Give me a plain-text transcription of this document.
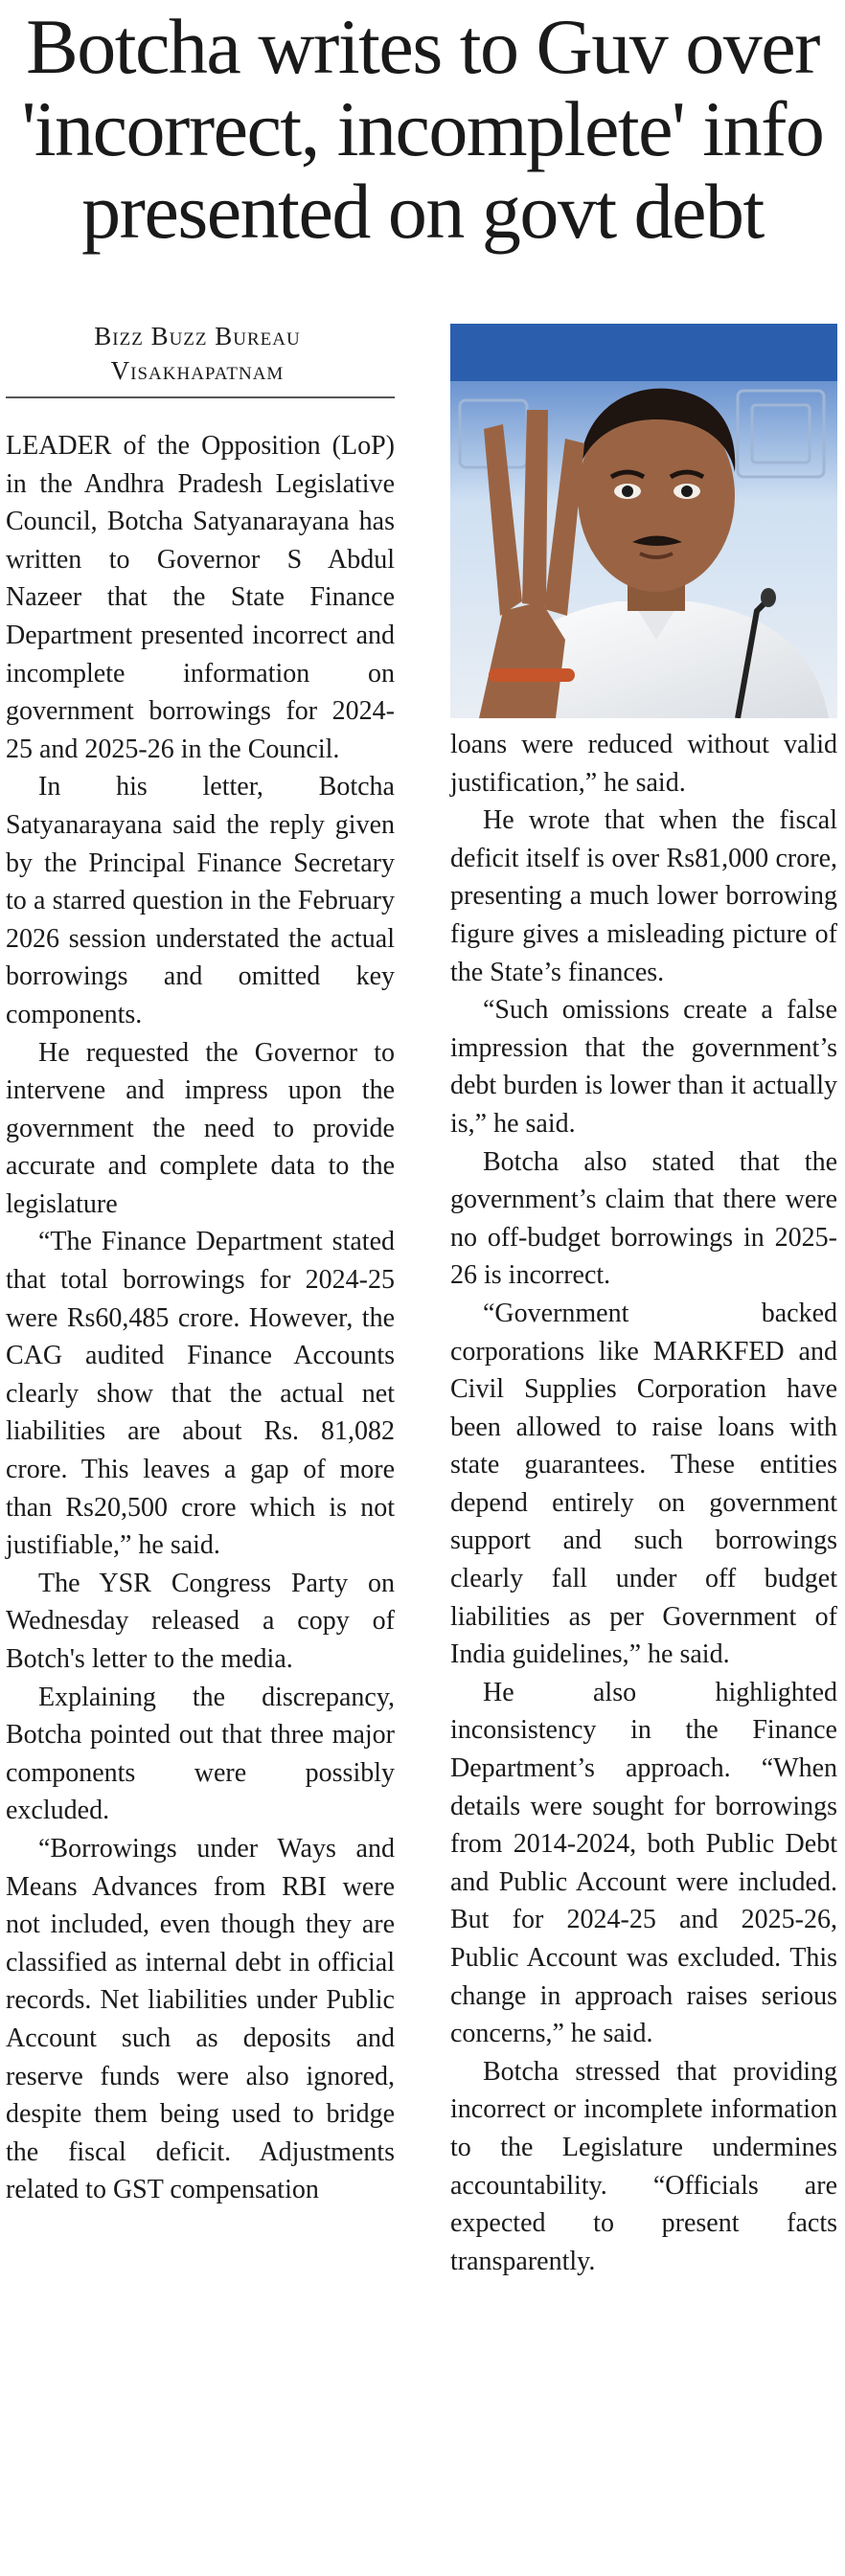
Botcha writes to Guv over
'incorrect, incomplete' info
presented on govt debt
Bizz Buzz Bureau
Visakhapatnam

LEADER of the Opposition (LoP) in the Andhra Pradesh Legislative Council, Botcha Satyanarayana has written to Governor S Abdul Nazeer that the State Finance Department presented incorrect and incomplete information on government borrowings for 2024-25 and 2025-26 in the Council.

In his letter, Botcha Satyanarayana said the reply given by the Principal Finance Secretary to a starred question in the February 2026 session understated the actual borrowings and omitted key components.

He requested the Governor to intervene and impress upon the government the need to provide accurate and complete data to the legislature

“The Finance Department stated that total borrowings for 2024-25 were Rs60,485 crore. However, the CAG audited Finance Accounts clearly show that the actual net liabilities are about Rs. 81,082 crore. This leaves a gap of more than Rs20,500 crore which is not justifiable,” he said.

The YSR Congress Party on Wednesday released a copy of Botch's letter to the media.

Explaining the discrepancy, Botcha pointed out that three major components were possibly excluded.

“Borrowings under Ways and Means Advances from RBI were not included, even though they are classified as internal debt in official records. Net liabilities under Public Account such as deposits and reserve funds were also ignored, despite them being used to bridge the fiscal deficit. Adjustments related to GST compensation

loans were reduced without valid justification,” he said.

He wrote that when the fiscal deficit itself is over Rs81,000 crore, presenting a much lower borrowing figure gives a misleading picture of the State’s finances.

“Such omissions create a false impression that the government’s debt burden is lower than it actually is,” he said.

Botcha also stated that the government’s claim that there were no off-budget borrowings in 2025-26 is incorrect.

“Government backed corporations like MARKFED and Civil Supplies Corporation have been allowed to raise loans with state guarantees. These entities depend entirely on government support and such borrowings clearly fall under off budget liabilities as per Government of India guidelines,” he said.

He also highlighted inconsistency in the Finance Department’s approach. “When details were sought for borrowings from 2014-2024, both Public Debt and Public Account were included. But for 2024-25 and 2025-26, Public Account was excluded. This change in approach raises serious concerns,” he said.

Botcha stressed that providing incorrect or incomplete information to the Legislature undermines accountability. “Officials are expected to present facts transparently.
